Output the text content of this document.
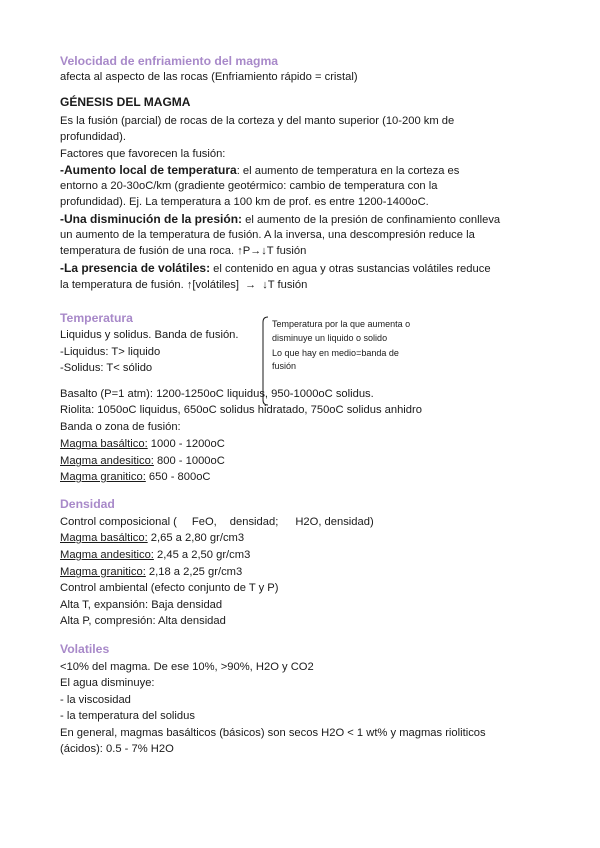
Velocidad de enfriamiento del magma
afecta al aspecto de las rocas (Enfriamiento rápido = cristal)
GÉNESIS DEL MAGMA
Es la fusión (parcial) de rocas de la corteza y del manto superior (10-200 km de
profundidad).
Factores que favorecen la fusión:
-Aumento local de temperatura: el aumento de temperatura en la corteza es
entorno a 20-30oC/km (gradiente geotérmico: cambio de temperatura con la
profundidad). Ej. La temperatura a 100 km de prof. es entre 1200-1400oC.
-Una disminución de la presión: el aumento de la presión de confinamiento conlleva
un aumento de la temperatura de fusión. A la inversa, una descompresión reduce la
temperatura de fusión de una roca. ↑P→↓T fusión
-La presencia de volátiles: el contenido en agua y otras sustancias volátiles reduce
la temperatura de fusión. ↑[volátiles]  →  ↓T fusión
Temperatura
Liquidus y solidus. Banda de fusión.
-Liquidus: T> liquido
-Solidus: T< sólido
Temperatura por la que aumenta o
disminuye un liquido o solido
Lo que hay en medio=banda de
fusión
Basalto (P=1 atm): 1200-1250oC liquidus, 950-1000oC solidus.
Riolita: 1050oC liquidus, 650oC solidus hidratado, 750oC solidus anhidro
Banda o zona de fusión:
Magma basáltico: 1000 - 1200oC
Magma andesitico: 800 - 1000oC
Magma granitico: 650 - 800oC
Densidad
Control composicional ( FeO, densidad; H2O, densidad)
Magma basáltico: 2,65 a 2,80 gr/cm3
Magma andesitico: 2,45 a 2,50 gr/cm3
Magma granitico: 2,18 a 2,25 gr/cm3
Control ambiental (efecto conjunto de T y P)
Alta T, expansión: Baja densidad
Alta P, compresión: Alta densidad
Volatiles
<10% del magma. De ese 10%, >90%, H2O y CO2
El agua disminuye:
- la viscosidad
- la temperatura del solidus
En general, magmas basálticos (básicos) son secos H2O < 1 wt% y magmas rioliticos
(ácidos): 0.5 - 7% H2O
